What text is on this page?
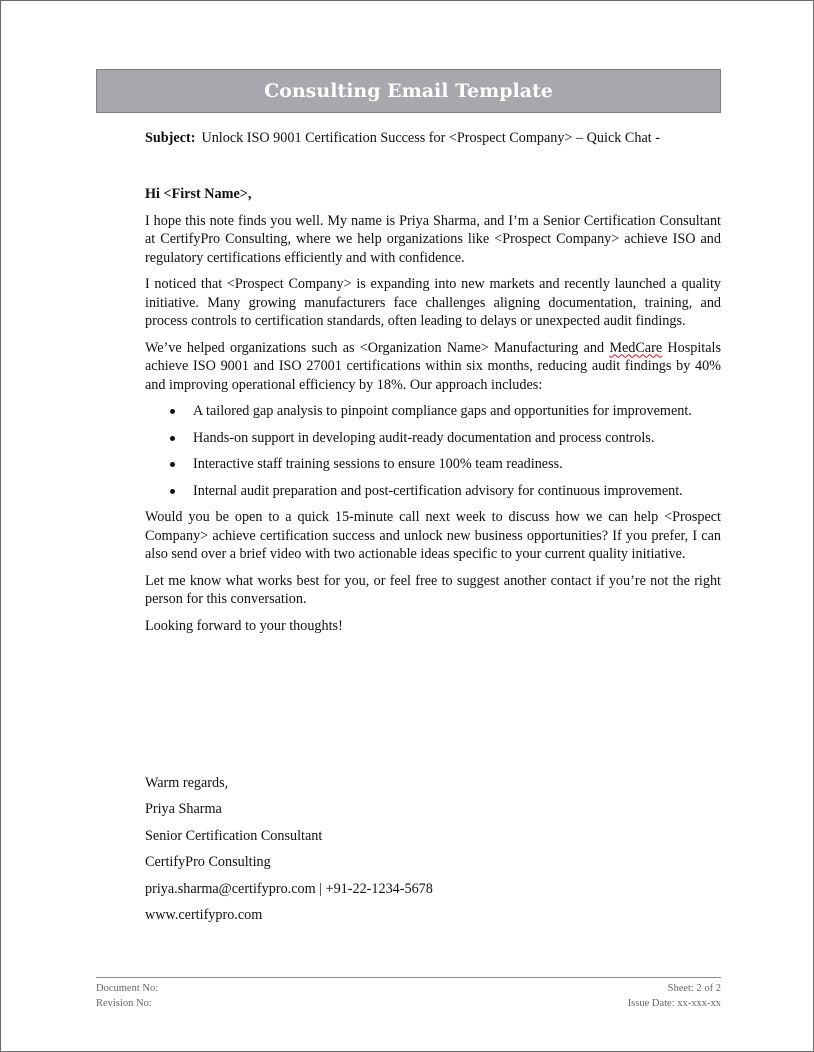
Consulting Email Template
Subject: Unlock ISO 9001 Certification Success for <Prospect Company> – Quick Chat -
Hi <First Name>,

I hope this note finds you well. My name is Priya Sharma, and I’m a Senior Certification Consultant at CertifyPro Consulting, where we help organizations like <Prospect Company> achieve ISO and regulatory certifications efficiently and with confidence.

I noticed that <Prospect Company> is expanding into new markets and recently launched a quality initiative. Many growing manufacturers face challenges aligning documentation, training, and process controls to certification standards, often leading to delays or unexpected audit findings.

We’ve helped organizations such as <Organization Name> Manufacturing and MedCare Hospitals achieve ISO 9001 and ISO 27001 certifications within six months, reducing audit findings by 40% and improving operational efficiency by 18%. Our approach includes:

A tailored gap analysis to pinpoint compliance gaps and opportunities for improvement.
Hands-on support in developing audit-ready documentation and process controls.
Interactive staff training sessions to ensure 100% team readiness.
Internal audit preparation and post-certification advisory for continuous improvement.

Would you be open to a quick 15-minute call next week to discuss how we can help <Prospect Company> achieve certification success and unlock new business opportunities? If you prefer, I can also send over a brief video with two actionable ideas specific to your current quality initiative.

Let me know what works best for you, or feel free to suggest another contact if you’re not the right person for this conversation.

Looking forward to your thoughts!

Warm regards,
Priya Sharma
Senior Certification Consultant
CertifyPro Consulting
priya.sharma@certifypro.com | +91-22-1234-5678
www.certifypro.com
Document No:	Sheet: 2 of 2
Revision No:	Issue Date: xx-xxx-xx
